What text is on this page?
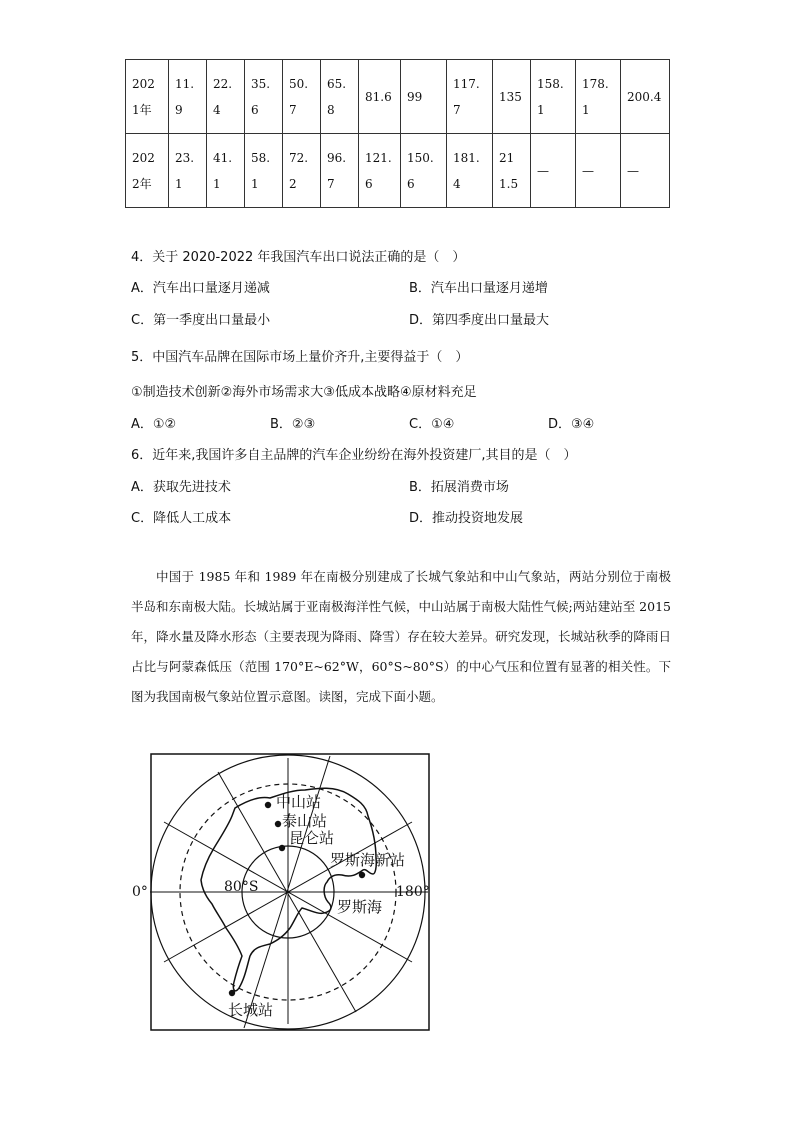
2021年	11.9	22.4	35.6	50.7	65.8	81.6	99	117.7	135	158.1	178.1	200.4
2022年	23.1	41.1	58.1	72.2	96.7	121.6	150.6	181.4	211.5	—	—	—
4．关于 2020-2022 年我国汽车出口说法正确的是（　）
A．汽车出口量逐月递减	B．汽车出口量逐月递增
C．第一季度出口量最小	D．第四季度出口量最大
5．中国汽车品牌在国际市场上量价齐升,主要得益于（　）
①制造技术创新②海外市场需求大③低成本战略④原材料充足
A．①②	B．②③	C．①④	D．③④
6．近年来,我国许多自主品牌的汽车企业纷纷在海外投资建厂,其目的是（　）
A．获取先进技术	B．拓展消费市场
C．降低人工成本	D．推动投资地发展
中国于 1985 年和 1989 年在南极分别建成了长城气象站和中山气象站，两站分别位于南极半岛和东南极大陆。长城站属于亚南极海洋性气候，中山站属于南极大陆性气候;两站建站至 2015 年，降水量及降水形态（主要表现为降雨、降雪）存在较大差异。研究发现，长城站秋季的降雨日占比与阿蒙森低压（范围 170°E~62°W，60°S~80°S）的中心气压和位置有显著的相关性。下图为我国南极气象站位置示意图。读图，完成下面小题。
中山站
泰山站
昆仑站
罗斯海新站
长城站
罗斯海
80°S
0°	180°
